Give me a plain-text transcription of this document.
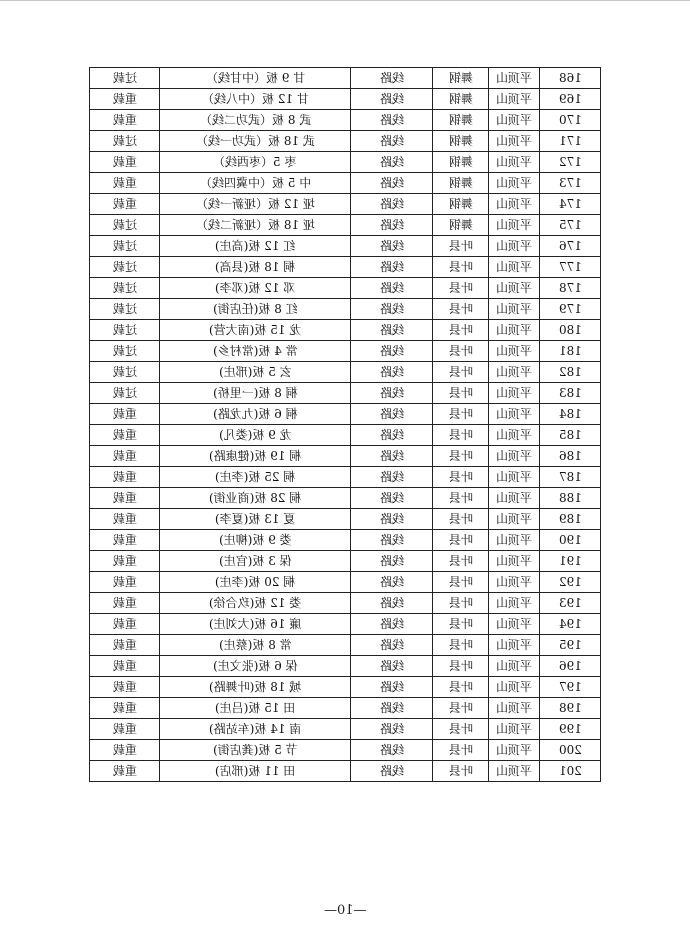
168	平顶山	舞钢	线路	甘 9 板（中甘线）	过载
169	平顶山	舞钢	线路	甘 12 板（中八线）	重载
170	平顶山	舞钢	线路	武 8 板（武功二线）	重载
171	平顶山	舞钢	线路	武 18 板（武功一线）	过载
172	平顶山	舞钢	线路	枣 5（枣西线）	重载
173	平顶山	舞钢	线路	中 5 板（中冀四线）	重载
174	平顶山	舞钢	线路	垭 12 板（垭新一线）	重载
175	平顶山	舞钢	线路	垭 18 板（垭新二线）	过载
176	平顶山	叶县	线路	红 12 板(高庄)	过载
177	平顶山	叶县	线路	桐 18 板(县高)	过载
178	平顶山	叶县	线路	邓 12 板(邓李)	过载
179	平顶山	叶县	线路	红 8 板(任店街)	过载
180	平顶山	叶县	线路	龙 15 板(南大营)	过载
181	平顶山	叶县	线路	常 4 板(常村乡)	过载
182	平顶山	叶县	线路	玄 5 板(邢庄)	过载
183	平顶山	叶县	线路	桐 8 板(一里桥)	过载
184	平顶山	叶县	线路	桐 6 板(九龙路)	重载
185	平顶山	叶县	线路	龙 9 板(娄凡)	重载
186	平顶山	叶县	线路	桐 19 板(健康路)	重载
187	平顶山	叶县	线路	桐 25 板(李庄)	重载
188	平顶山	叶县	线路	桐 28 板(商业街)	重载
189	平顶山	叶县	线路	夏 13 板(夏李)	重载
190	平顶山	叶县	线路	娄 9 板(柳庄)	重载
191	平顶山	叶县	线路	保 3 板(官庄)	重载
192	平顶山	叶县	线路	桐 20 板(李庄)	重载
193	平顶山	叶县	线路	娄 12 板(玖合徐)	重载
194	平顶山	叶县	线路	廉 16 板(大刘庄)	重载
195	平顶山	叶县	线路	常 8 板(蔡庄)	重载
196	平顶山	叶县	线路	保 6 板(张文庄)	重载
197	平顶山	叶县	线路	城 18 板(叶舞路)	重载
198	平顶山	叶县	线路	田 15 板(吕庄)	重载
199	平顶山	叶县	线路	南 14 板(车站路)	重载
200	平顶山	叶县	线路	节 5 板(龚店街)	重载
201	平顶山	叶县	线路	田 11 板(邢店)	重载
—10—
